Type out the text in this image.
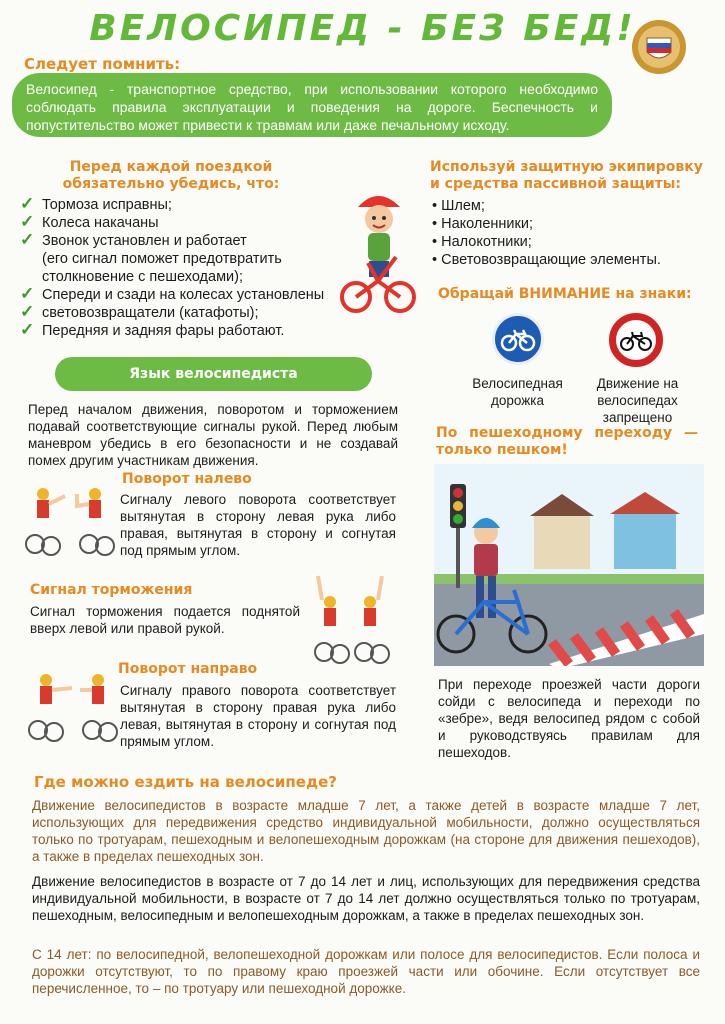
ВЕЛОСИПЕД - БЕЗ БЕД!
Следует помнить:
Велосипед - транспортное средство, при использовании которого необходимо соблюдать правила эксплуатации и поведения на дороге. Беспечность и попустительство может привести к травмам или даже печальному исходу.
Перед каждой поездкой
обязательно убедись, что:
✓ Тормоза исправны;
✓ Колеса накачаны
✓ Звонок установлен и работает
(его сигнал поможет предотвратить
столкновение с пешеходами);
✓ Спереди и сзади на колесах установлены
✓ световозвращатели (катафоты);
✓ Передняя и задняя фары работают.
Используй защитную экипировку
и средства пассивной защиты:
• Шлем;
• Наколенники;
• Налокотники;
• Световозвращающие элементы.
Обращай ВНИМАНИЕ на знаки:
Велосипедная дорожка
Движение на
велосипедах
запрещено
Язык велосипедиста
Перед началом движения, поворотом и торможением подавай соответствующие сигналы рукой. Перед любым маневром убедись в его безопасности и не создавай помех другим участникам движения.
Поворот налево
Сигналу левого поворота соответствует вытянутая в сторону левая рука либо правая, вытянутая в сторону и согнутая под прямым углом.
Сигнал торможения
Сигнал торможения подается поднятой вверх левой или правой рукой.
Поворот направо
Сигналу правого поворота соответствует вытянутая в сторону правая рука либо левая, вытянутая в сторону и согнутая под прямым углом.
По пешеходному переходу —
только пешком!
При переходе проезжей части дороги сойди с велосипеда и переходи по «зебре», ведя велосипед рядом с собой и руководствуясь правилам для пешеходов.
Где можно ездить на велосипеде?
Движение велосипедистов в возрасте младше 7 лет, а также детей в возрасте младше 7 лет, использующих для передвижения средство индивидуальной мобильности, должно осуществляться только по тротуарам, пешеходным и велопешеходным дорожкам (на стороне для движения пешеходов), а также в пределах пешеходных зон.
Движение велосипедистов в возрасте от 7 до 14 лет и лиц, использующих для передвижения средства индивидуальной мобильности, в возрасте от 7 до 14 лет должно осуществляться только по тротуарам, пешеходным, велосипедным и велопешеходным дорожкам, а также в пределах пешеходных зон.
С 14 лет: по велосипедной, велопешеходной дорожкам или полосе для велосипедистов. Если полоса и дорожки отсутствуют, то по правому краю проезжей части или обочине. Если отсутствует все перечисленное, то – по тротуару или пешеходной дорожке.
